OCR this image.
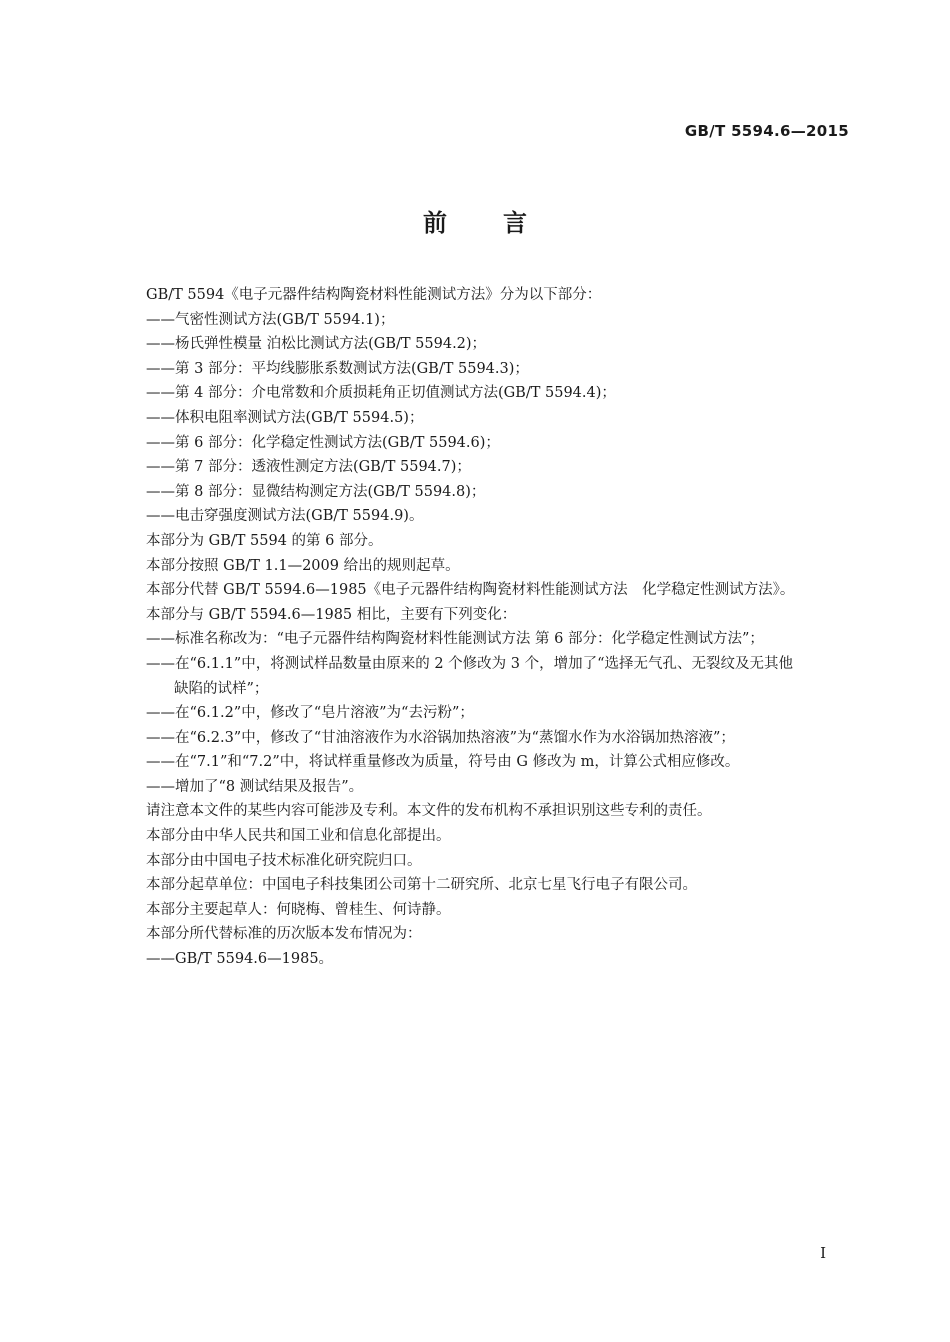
GB/T 5594.6—2015
前言

GB/T 5594《电子元器件结构陶瓷材料性能测试方法》分为以下部分：

——气密性测试方法(GB/T 5594.1)；

——杨氏弹性模量 泊松比测试方法(GB/T 5594.2)；

——第 3 部分：平均线膨胀系数测试方法(GB/T 5594.3)；

——第 4 部分：介电常数和介质损耗角正切值测试方法(GB/T 5594.4)；

——体积电阻率测试方法(GB/T 5594.5)；

——第 6 部分：化学稳定性测试方法(GB/T 5594.6)；

——第 7 部分：透液性测定方法(GB/T 5594.7)；

——第 8 部分：显微结构测定方法(GB/T 5594.8)；

——电击穿强度测试方法(GB/T 5594.9)。

本部分为 GB/T 5594 的第 6 部分。

本部分按照 GB/T 1.1—2009 给出的规则起草。

本部分代替 GB/T 5594.6—1985《电子元器件结构陶瓷材料性能测试方法　化学稳定性测试方法》。

本部分与 GB/T 5594.6—1985 相比，主要有下列变化：

——标准名称改为：“电子元器件结构陶瓷材料性能测试方法 第 6 部分：化学稳定性测试方法”；

——在“6.1.1”中，将测试样品数量由原来的 2 个修改为 3 个，增加了“选择无气孔、无裂纹及无其他

缺陷的试样”；

——在“6.1.2”中，修改了“皂片溶液”为“去污粉”；

——在“6.2.3”中，修改了“甘油溶液作为水浴锅加热溶液”为“蒸馏水作为水浴锅加热溶液”；

——在“7.1”和“7.2”中，将试样重量修改为质量，符号由 G 修改为 m，计算公式相应修改。

——增加了“8 测试结果及报告”。

请注意本文件的某些内容可能涉及专利。本文件的发布机构不承担识别这些专利的责任。

本部分由中华人民共和国工业和信息化部提出。

本部分由中国电子技术标准化研究院归口。

本部分起草单位：中国电子科技集团公司第十二研究所、北京七星飞行电子有限公司。

本部分主要起草人：何晓梅、曾桂生、何诗静。

本部分所代替标准的历次版本发布情况为：

——GB/T 5594.6—1985。

I
